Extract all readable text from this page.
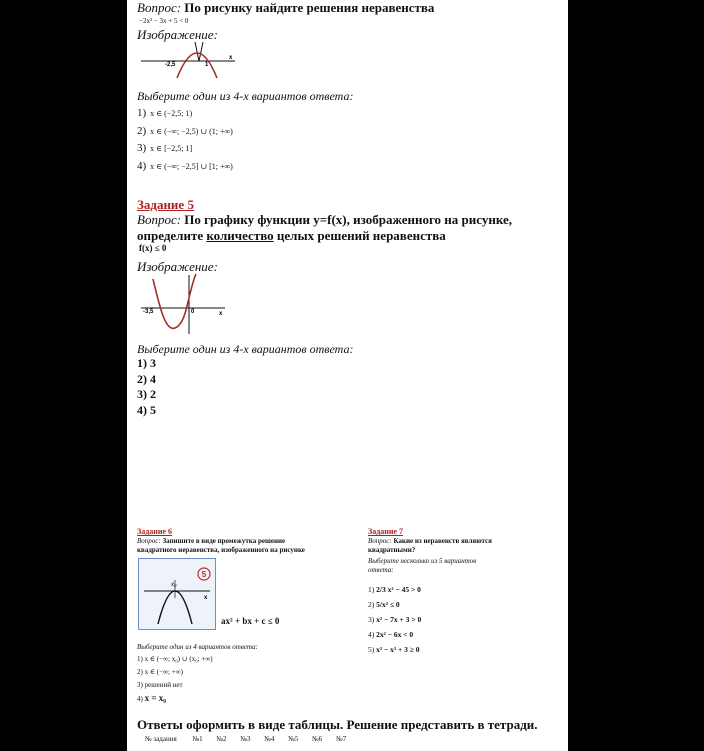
Вопрос: По рисунку найдите решения неравенства
−2x² − 3x + 5 < 0
Изображение:
-2,5	1
x
Выберите один из 4-х вариантов ответа:
1) x ∈ (−2,5; 1)
2) x ∈ (−∞; −2,5) ∪ (1; +∞)
3) x ∈ [−2,5; 1]
4) x ∈ (−∞; −2,5] ∪ [1; +∞)
Задание 5
Вопрос: По графику функции y=f(x), изображенного на рисунке,
определите количество целых решений неравенства
f(x) ≤ 0
Изображение:
-3,5	0	x
Выберите один из 4-х вариантов ответа:
1) 3
2) 4
3) 2
4) 5
Задание 6
Вопрос: Запишите в виде промежутка решение
квадратного неравенства, изображенного на рисунке
x₀
x
5
ax² + bx + c ≤ 0
Выберите один из 4 вариантов ответа:
1) x ∈ (−∞; x₀) ∪ (x₀; +∞)
2) x ∈ (−∞; +∞)
3) решений нет
4) x = x₀
Задание 7
Вопрос: Какие из неравенств являются
квадратными?
Выберите несколько из 5 вариантов
ответа:
1) 2/3 x² − 45 > 0
2) 5/x² ≤ 0
3) x² − 7x + 3 > 0
4) 2x² − 6x < 0
5) x² − x³ + 3 ≥ 0
Ответы оформить в виде таблицы. Решение представить в тетради.
№ задания №1 №2 №3 №4 №5 №6 №7
